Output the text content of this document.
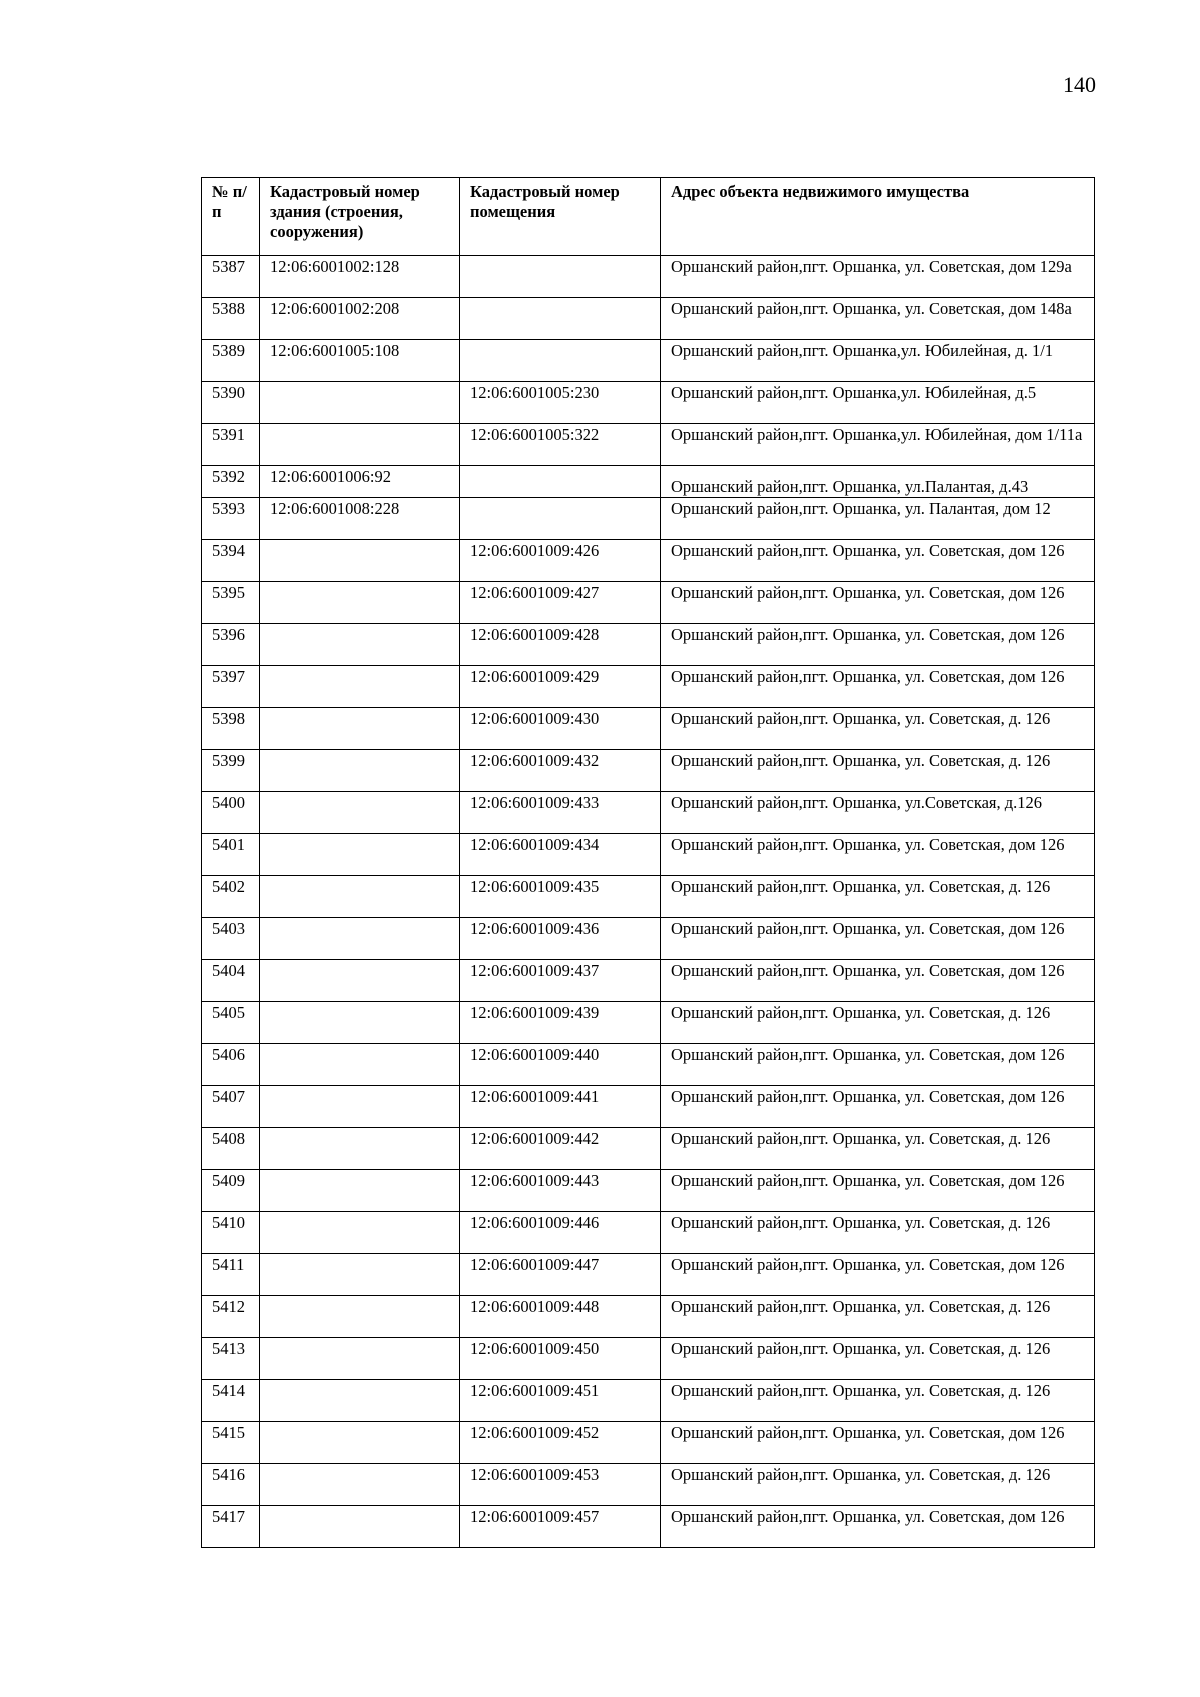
140
№ п/п	Кадастровый номер здания (строения, сооружения)	Кадастровый номер помещения	Адрес объекта недвижимого имущества
5387	12:06:6001002:128		Оршанский район,пгт. Оршанка, ул. Советская, дом 129а
5388	12:06:6001002:208		Оршанский район,пгт. Оршанка, ул. Советская, дом 148а
5389	12:06:6001005:108		Оршанский район,пгт. Оршанка,ул. Юбилейная, д. 1/1
5390		12:06:6001005:230	Оршанский район,пгт. Оршанка,ул. Юбилейная, д.5
5391		12:06:6001005:322	Оршанский район,пгт. Оршанка,ул. Юбилейная, дом 1/11а
5392	12:06:6001006:92		Оршанский район,пгт. Оршанка, ул.Палантая, д.43
5393	12:06:6001008:228		Оршанский район,пгт. Оршанка, ул. Палантая, дом 12
5394		12:06:6001009:426	Оршанский район,пгт. Оршанка, ул. Советская, дом 126
5395		12:06:6001009:427	Оршанский район,пгт. Оршанка, ул. Советская, дом 126
5396		12:06:6001009:428	Оршанский район,пгт. Оршанка, ул. Советская, дом 126
5397		12:06:6001009:429	Оршанский район,пгт. Оршанка, ул. Советская, дом 126
5398		12:06:6001009:430	Оршанский район,пгт. Оршанка, ул. Советская, д. 126
5399		12:06:6001009:432	Оршанский район,пгт. Оршанка, ул. Советская, д. 126
5400		12:06:6001009:433	Оршанский район,пгт. Оршанка, ул.Советская, д.126
5401		12:06:6001009:434	Оршанский район,пгт. Оршанка, ул. Советская, дом 126
5402		12:06:6001009:435	Оршанский район,пгт. Оршанка, ул. Советская, д. 126
5403		12:06:6001009:436	Оршанский район,пгт. Оршанка, ул. Советская, дом 126
5404		12:06:6001009:437	Оршанский район,пгт. Оршанка, ул. Советская, дом 126
5405		12:06:6001009:439	Оршанский район,пгт. Оршанка, ул. Советская, д. 126
5406		12:06:6001009:440	Оршанский район,пгт. Оршанка, ул. Советская, дом 126
5407		12:06:6001009:441	Оршанский район,пгт. Оршанка, ул. Советская, дом 126
5408		12:06:6001009:442	Оршанский район,пгт. Оршанка, ул. Советская, д. 126
5409		12:06:6001009:443	Оршанский район,пгт. Оршанка, ул. Советская, дом 126
5410		12:06:6001009:446	Оршанский район,пгт. Оршанка, ул. Советская, д. 126
5411		12:06:6001009:447	Оршанский район,пгт. Оршанка, ул. Советская, дом 126
5412		12:06:6001009:448	Оршанский район,пгт. Оршанка, ул. Советская, д. 126
5413		12:06:6001009:450	Оршанский район,пгт. Оршанка, ул. Советская, д. 126
5414		12:06:6001009:451	Оршанский район,пгт. Оршанка, ул. Советская, д. 126
5415		12:06:6001009:452	Оршанский район,пгт. Оршанка, ул. Советская, дом 126
5416		12:06:6001009:453	Оршанский район,пгт. Оршанка, ул. Советская, д. 126
5417		12:06:6001009:457	Оршанский район,пгт. Оршанка, ул. Советская, дом 126
